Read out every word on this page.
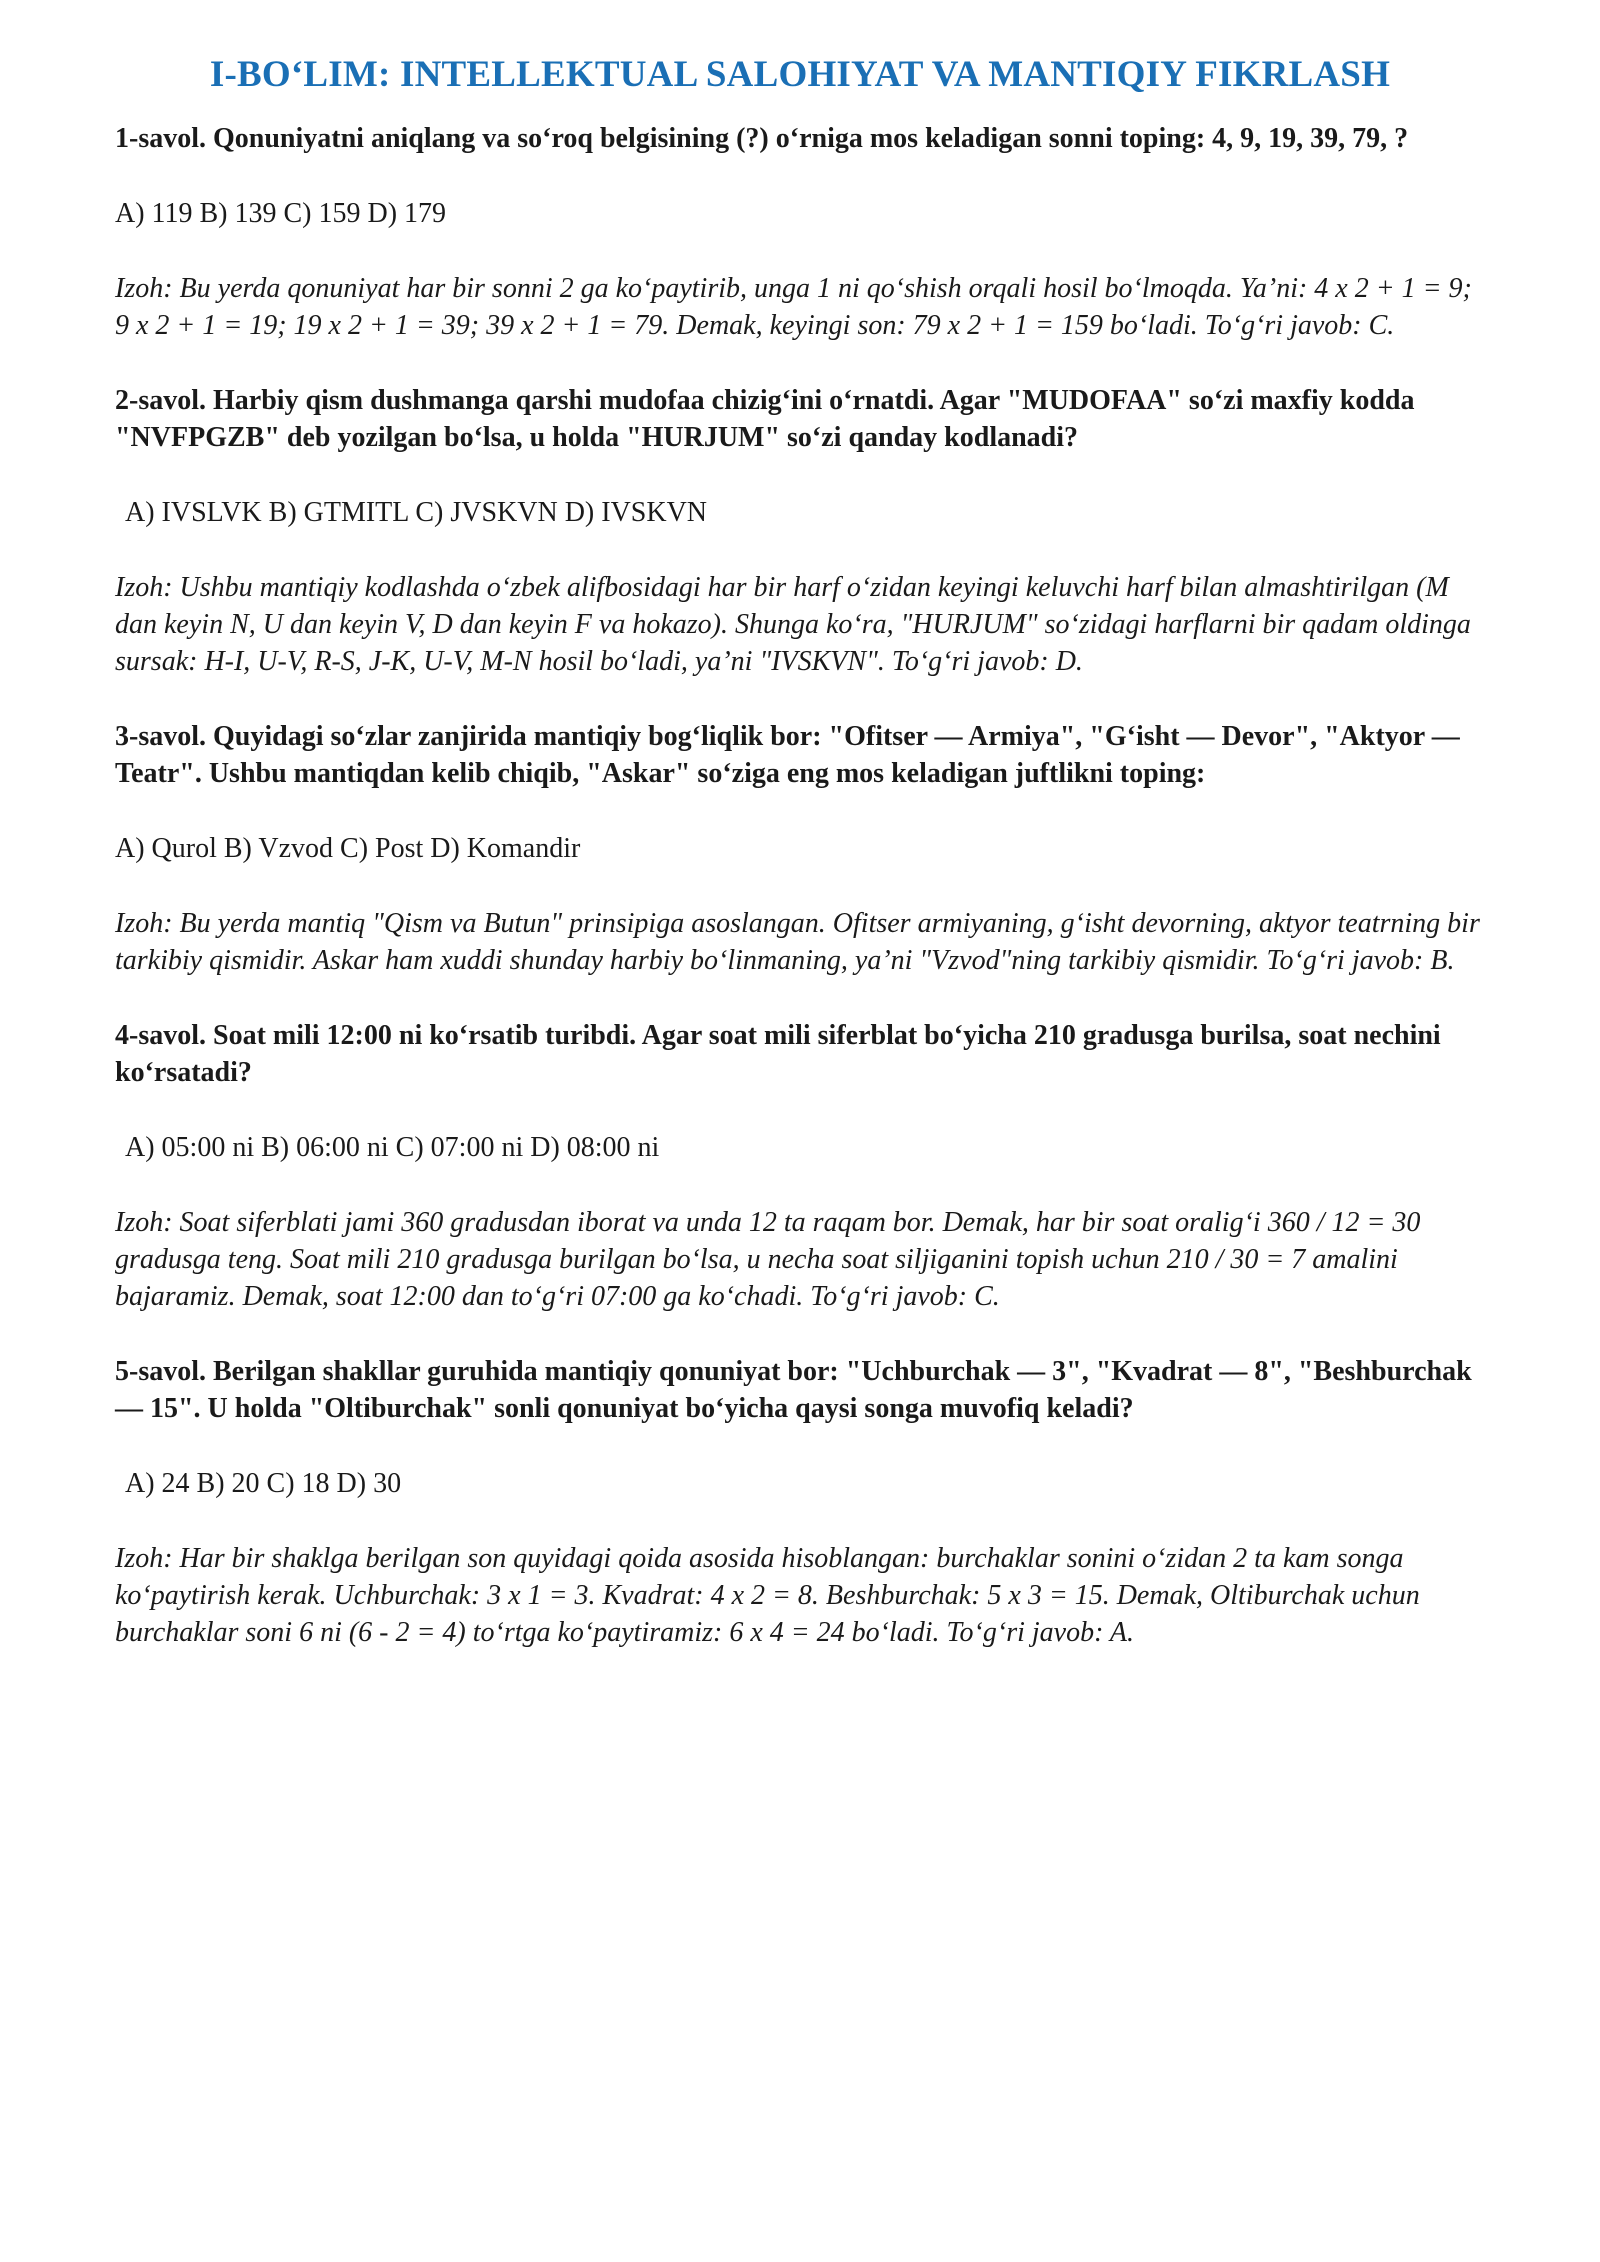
I-BO‘LIM: INTELLEKTUAL SALOHIYAT VA MANTIQIY FIKRLASH

1-savol. Qonuniyatni aniqlang va so‘roq belgisining (?) o‘rniga mos keladigan sonni toping: 4, 9, 19, 39, 79, ?

A) 119 B) 139 C) 159 D) 179

Izoh: Bu yerda qonuniyat har bir sonni 2 ga ko‘paytirib, unga 1 ni qo‘shish orqali hosil bo‘lmoqda. Ya’ni: 4 x 2 + 1 = 9; 9 x 2 + 1 = 19; 19 x 2 + 1 = 39; 39 x 2 + 1 = 79. Demak, keyingi son: 79 x 2 + 1 = 159 bo‘ladi. To‘g‘ri javob: C.

2-savol. Harbiy qism dushmanga qarshi mudofaa chizig‘ini o‘rnatdi. Agar "MUDOFAA" so‘zi maxfiy kodda "NVFPGZB" deb yozilgan bo‘lsa, u holda "HURJUM" so‘zi qanday kodlanadi?

A) IVSLVK B) GTMITL C) JVSKVN D) IVSKVN

Izoh: Ushbu mantiqiy kodlashda o‘zbek alifbosidagi har bir harf o‘zidan keyingi keluvchi harf bilan almashtirilgan (M dan keyin N, U dan keyin V, D dan keyin F va hokazo). Shunga ko‘ra, "HURJUM" so‘zidagi harflarni bir qadam oldinga sursak: H-I, U-V, R-S, J-K, U-V, M-N hosil bo‘ladi, ya’ni "IVSKVN". To‘g‘ri javob: D.

3-savol. Quyidagi so‘zlar zanjirida mantiqiy bog‘liqlik bor: "Ofitser — Armiya", "G‘isht — Devor", "Aktyor — Teatr". Ushbu mantiqdan kelib chiqib, "Askar" so‘ziga eng mos keladigan juftlikni toping:

A) Qurol B) Vzvod C) Post D) Komandir

Izoh: Bu yerda mantiq "Qism va Butun" prinsipiga asoslangan. Ofitser armiyaning, g‘isht devorning, aktyor teatrning bir tarkibiy qismidir. Askar ham xuddi shunday harbiy bo‘linmaning, ya’ni "Vzvod"ning tarkibiy qismidir. To‘g‘ri javob: B.

4-savol. Soat mili 12:00 ni ko‘rsatib turibdi. Agar soat mili siferblat bo‘yicha 210 gradusga burilsa, soat nechini ko‘rsatadi?

A) 05:00 ni B) 06:00 ni C) 07:00 ni D) 08:00 ni

Izoh: Soat siferblati jami 360 gradusdan iborat va unda 12 ta raqam bor. Demak, har bir soat oralig‘i 360 / 12 = 30 gradusga teng. Soat mili 210 gradusga burilgan bo‘lsa, u necha soat siljiganini topish uchun 210 / 30 = 7 amalini bajaramiz. Demak, soat 12:00 dan to‘g‘ri 07:00 ga ko‘chadi. To‘g‘ri javob: C.

5-savol. Berilgan shakllar guruhida mantiqiy qonuniyat bor: "Uchburchak — 3", "Kvadrat — 8", "Beshburchak — 15". U holda "Oltiburchak" sonli qonuniyat bo‘yicha qaysi songa muvofiq keladi?

A) 24 B) 20 C) 18 D) 30

Izoh: Har bir shaklga berilgan son quyidagi qoida asosida hisoblangan: burchaklar sonini o‘zidan 2 ta kam songa ko‘paytirish kerak. Uchburchak: 3 x 1 = 3. Kvadrat: 4 x 2 = 8. Beshburchak: 5 x 3 = 15. Demak, Oltiburchak uchun burchaklar soni 6 ni (6 - 2 = 4) to‘rtga ko‘paytiramiz: 6 x 4 = 24 bo‘ladi. To‘g‘ri javob: A.
